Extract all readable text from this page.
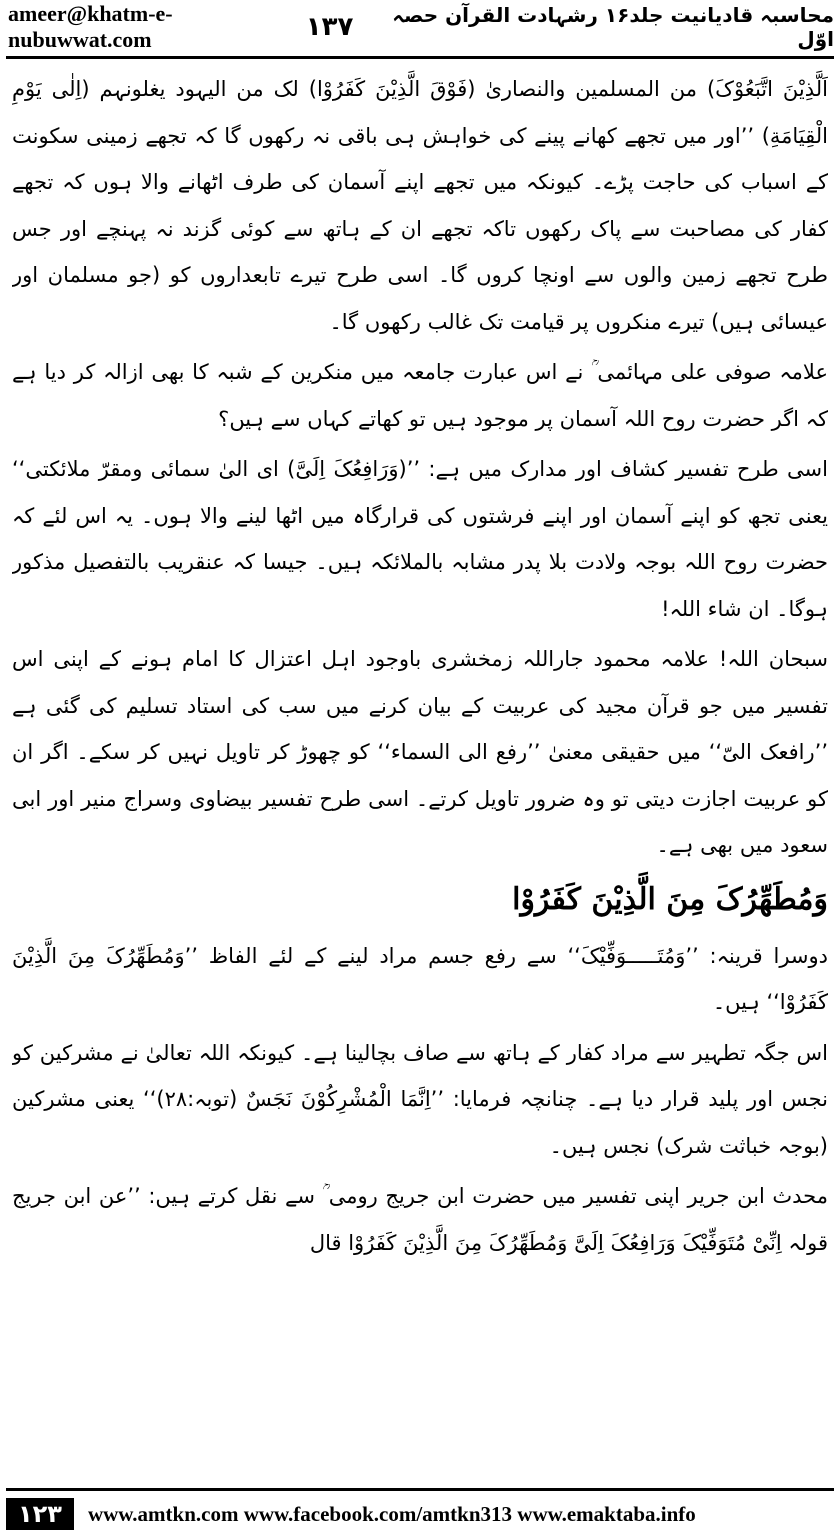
ameer@khatm-e-nubuwwat.com
محاسبہ قادیانیت جلد۱۶ رشہادت القرآن حصہ اوّل
۱۳۷

اَلَّذِیْنَ اتَّبَعُوْکَ) من المسلمین والنصاریٰ (فَوْقَ الَّذِیْنَ کَفَرُوْا) لک من الیہود یغلونہم (اِلٰی یَوْمِ الْقِیَامَةِ) ’’اور میں تجھے کھانے پینے کی خواہش ہی باقی نہ رکھوں گا کہ تجھے زمینی سکونت کے اسباب کی حاجت پڑے۔ کیونکہ میں تجھے اپنے آسمان کی طرف اٹھانے والا ہوں کہ تجھے کفار کی مصاحبت سے پاک رکھوں تاکہ تجھے ان کے ہاتھ سے کوئی گزند نہ پہنچے اور جس طرح تجھے زمین والوں سے اونچا کروں گا۔ اسی طرح تیرے تابعداروں کو (جو مسلمان اور عیسائی ہیں) تیرے منکروں پر قیامت تک غالب رکھوں گا۔

علامہ صوفی علی مہائمی ؒ نے اس عبارت جامعہ میں منکرین کے شبہ کا بھی ازالہ کر دیا ہے کہ اگر حضرت روح اللہ آسمان پر موجود ہیں تو کھاتے کہاں سے ہیں؟

اسی طرح تفسیر کشاف اور مدارک میں ہے: ’’(وَرَافِعُکَ اِلَیَّ) ای الیٰ سمائی ومقرّ ملائکتی‘‘ یعنی تجھ کو اپنے آسمان اور اپنے فرشتوں کی قرارگاہ میں اٹھا لینے والا ہوں۔ یہ اس لئے کہ حضرت روح اللہ بوجہ ولادت بلا پدر مشابہ بالملائکہ ہیں۔ جیسا کہ عنقریب بالتفصیل مذکور ہوگا۔ ان شاء اللہ!

سبحان اللہ! علامہ محمود جاراللہ زمخشری باوجود اہل اعتزال کا امام ہونے کے اپنی اس تفسیر میں جو قرآن مجید کی عربیت کے بیان کرنے میں سب کی استاد تسلیم کی گئی ہے ’’رافعک الیّ‘‘ میں حقیقی معنیٰ ’’رفع الی السماء‘‘ کو چھوڑ کر تاویل نہیں کر سکے۔ اگر ان کو عربیت اجازت دیتی تو وہ ضرور تاویل کرتے۔ اسی طرح تفسیر بیضاوی وسراج منیر اور ابی سعود میں بھی ہے۔

وَمُطَهِّرُکَ مِنَ الَّذِیْنَ کَفَرُوْا

دوسرا قرینہ: ’’وَمُتَـــــوَفِّیْکَ‘‘ سے رفع جسم مراد لینے کے لئے الفاظ ’’وَمُطَهِّرُکَ مِنَ الَّذِیْنَ کَفَرُوْا‘‘ ہیں۔

اس جگہ تطہیر سے مراد کفار کے ہاتھ سے صاف بچالینا ہے۔ کیونکہ اللہ تعالیٰ نے مشرکین کو نجس اور پلید قرار دیا ہے۔ چنانچہ فرمایا: ’’اِنَّمَا الْمُشْرِکُوْنَ نَجَسٌ (توبہ:۲۸)‘‘ یعنی مشرکین (بوجہ خباثت شرک) نجس ہیں۔

محدث ابن جریر اپنی تفسیر میں حضرت ابن جریج رومی ؒ سے نقل کرتے ہیں: ’’عن ابن جریج قولہ اِنِّیْ مُتَوَفِّیْکَ وَرَافِعُکَ اِلَیَّ وَمُطَهِّرُکَ مِنَ الَّذِیْنَ کَفَرُوْا قال

۱۲۳	www.amtkn.com www.facebook.com/amtkn313 www.emaktaba.info
